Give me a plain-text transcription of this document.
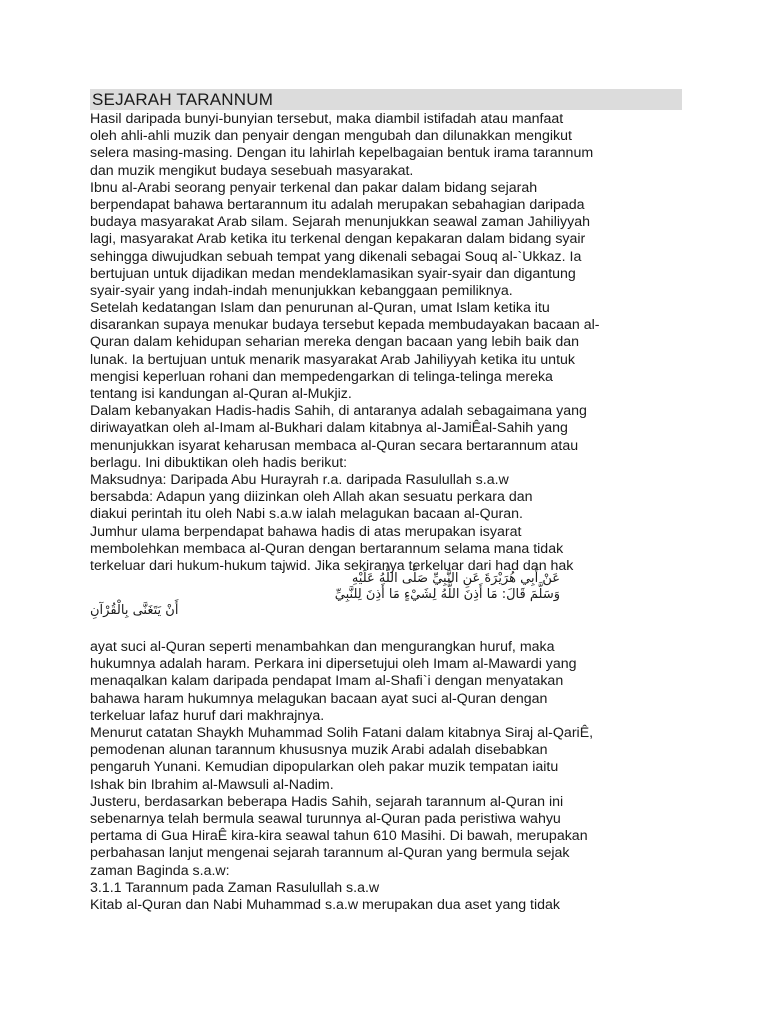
SEJARAH TARANNUM
Hasil daripada bunyi-bunyian tersebut, maka diambil istifadah atau manfaat
oleh ahli-ahli muzik dan penyair dengan mengubah dan dilunakkan mengikut
selera masing-masing. Dengan itu lahirlah kepelbagaian bentuk irama tarannum
dan muzik mengikut budaya sesebuah masyarakat.
Ibnu al-Arabi seorang penyair terkenal dan pakar dalam bidang sejarah
berpendapat bahawa bertarannum itu adalah merupakan sebahagian daripada
budaya masyarakat Arab silam. Sejarah menunjukkan seawal zaman Jahiliyyah
lagi, masyarakat Arab ketika itu terkenal dengan kepakaran dalam bidang syair
sehingga diwujudkan sebuah tempat yang dikenali sebagai Souq al-`Ukkaz. Ia
bertujuan untuk dijadikan medan mendeklamasikan syair-syair dan digantung
syair-syair yang indah-indah menunjukkan kebanggaan pemiliknya.
Setelah kedatangan Islam dan penurunan al-Quran, umat Islam ketika itu
disarankan supaya menukar budaya tersebut kepada membudayakan bacaan al-
Quran dalam kehidupan seharian mereka dengan bacaan yang lebih baik dan
lunak. Ia bertujuan untuk menarik masyarakat Arab Jahiliyyah ketika itu untuk
mengisi keperluan rohani dan mempedengarkan di telinga-telinga mereka
tentang isi kandungan al-Quran al-Mukjiz.
Dalam kebanyakan Hadis-hadis Sahih, di antaranya adalah sebagaimana yang
diriwayatkan oleh al-Imam al-Bukhari dalam kitabnya al-JamiÊal-Sahih yang
menunjukkan isyarat keharusan membaca al-Quran secara bertarannum atau
berlagu. Ini dibuktikan oleh hadis berikut:
Maksudnya: Daripada Abu Hurayrah r.a. daripada Rasulullah s.a.w
bersabda: Adapun yang diizinkan oleh Allah akan sesuatu perkara dan
diakui perintah itu oleh Nabi s.a.w ialah melagukan bacaan al-Quran.
Jumhur ulama berpendapat bahawa hadis di atas merupakan isyarat
membolehkan membaca al-Quran dengan bertarannum selama mana tidak
terkeluar dari hukum-hukum tajwid. Jika sekiranya terkeluar dari had dan hak
عَنْ أَبِي هُرَيْرَةَ عَنِ النَّبِيِّ صَلَّى اللَّهُ عَلَيْهِ
وَسَلَّمَ قَالَ: مَا أَذِنَ اللَّهُ لِشَيْءٍ مَا أَذِنَ لِلنَّبِيِّ
أَنْ يَتَغَنَّى بِالْقُرْآنِ
ayat suci al-Quran seperti menambahkan dan mengurangkan huruf, maka
hukumnya adalah haram. Perkara ini dipersetujui oleh Imam al-Mawardi yang
menaqalkan kalam daripada pendapat Imam al-Shafi`i dengan menyatakan
bahawa haram hukumnya melagukan bacaan ayat suci al-Quran dengan
terkeluar lafaz huruf dari makhrajnya.
Menurut catatan Shaykh Muhammad Solih Fatani dalam kitabnya Siraj al-QariÊ,
pemodenan alunan tarannum khususnya muzik Arabi adalah disebabkan
pengaruh Yunani. Kemudian dipopularkan oleh pakar muzik tempatan iaitu
Ishak bin Ibrahim al-Mawsuli al-Nadim.
Justeru, berdasarkan beberapa Hadis Sahih, sejarah tarannum al-Quran ini
sebenarnya telah bermula seawal turunnya al-Quran pada peristiwa wahyu
pertama di Gua HiraÊ kira-kira seawal tahun 610 Masihi. Di bawah, merupakan
perbahasan lanjut mengenai sejarah tarannum al-Quran yang bermula sejak
zaman Baginda s.a.w:
3.1.1 Tarannum pada Zaman Rasulullah s.a.w
Kitab al-Quran dan Nabi Muhammad s.a.w merupakan dua aset yang tidak
